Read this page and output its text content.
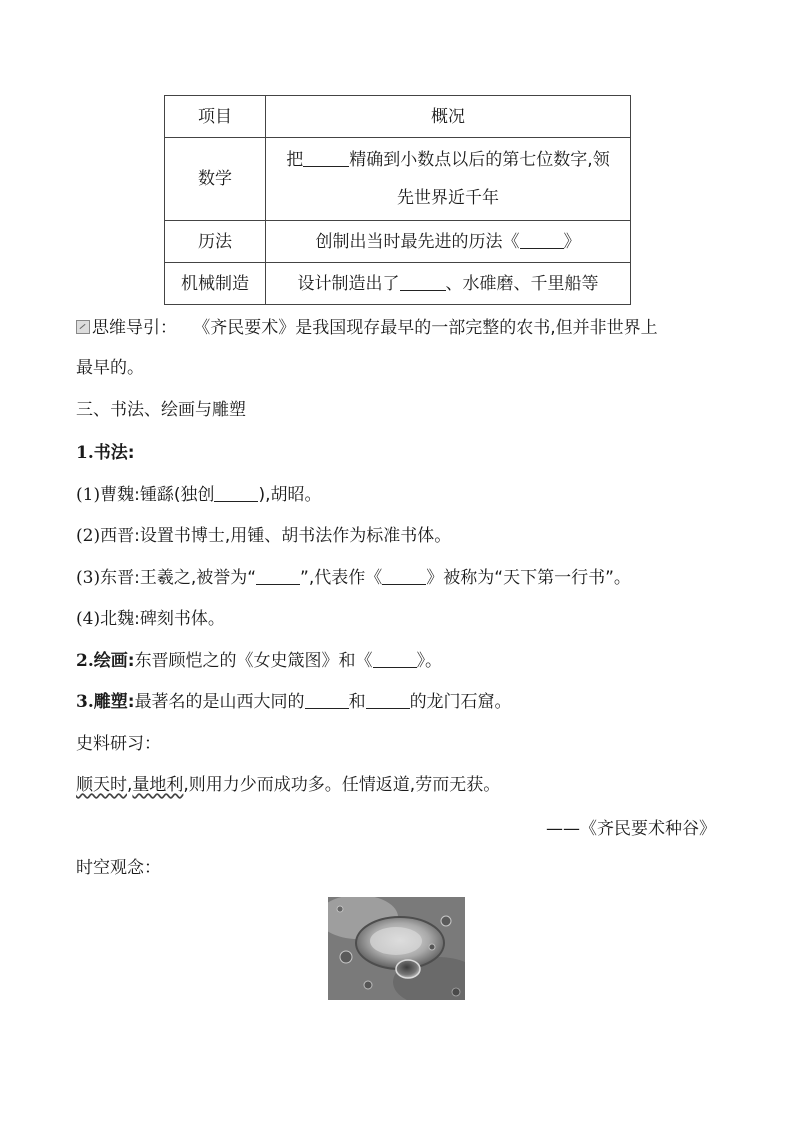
项目	概况
数学	把 精确到小数点以后的第七位数字,领
先世界近千年
历法	创制出当时最先进的历法《 》
机械制造	设计制造出了 、水碓磨、千里船等
思维导引： 《齐民要术》是我国现存最早的一部完整的农书,但并非世界上
最早的。
三、书法、绘画与雕塑
1.书法:
(1)曹魏:锺繇(独创	),胡昭。
(2)西晋:设置书博士,用锺、胡书法作为标准书体。
(3)东晋:王羲之,被誉为“	”,代表作《	》被称为“天下第一行书”。
(4)北魏:碑刻书体。
2.绘画:东晋顾恺之的《女史箴图》和《	》。
3.雕塑:最著名的是山西大同的	和	的龙门石窟。
史料研习：
顺天时,量地利,则用力少而成功多。任情返道,劳而无获。
——《齐民要术种谷》
时空观念：
